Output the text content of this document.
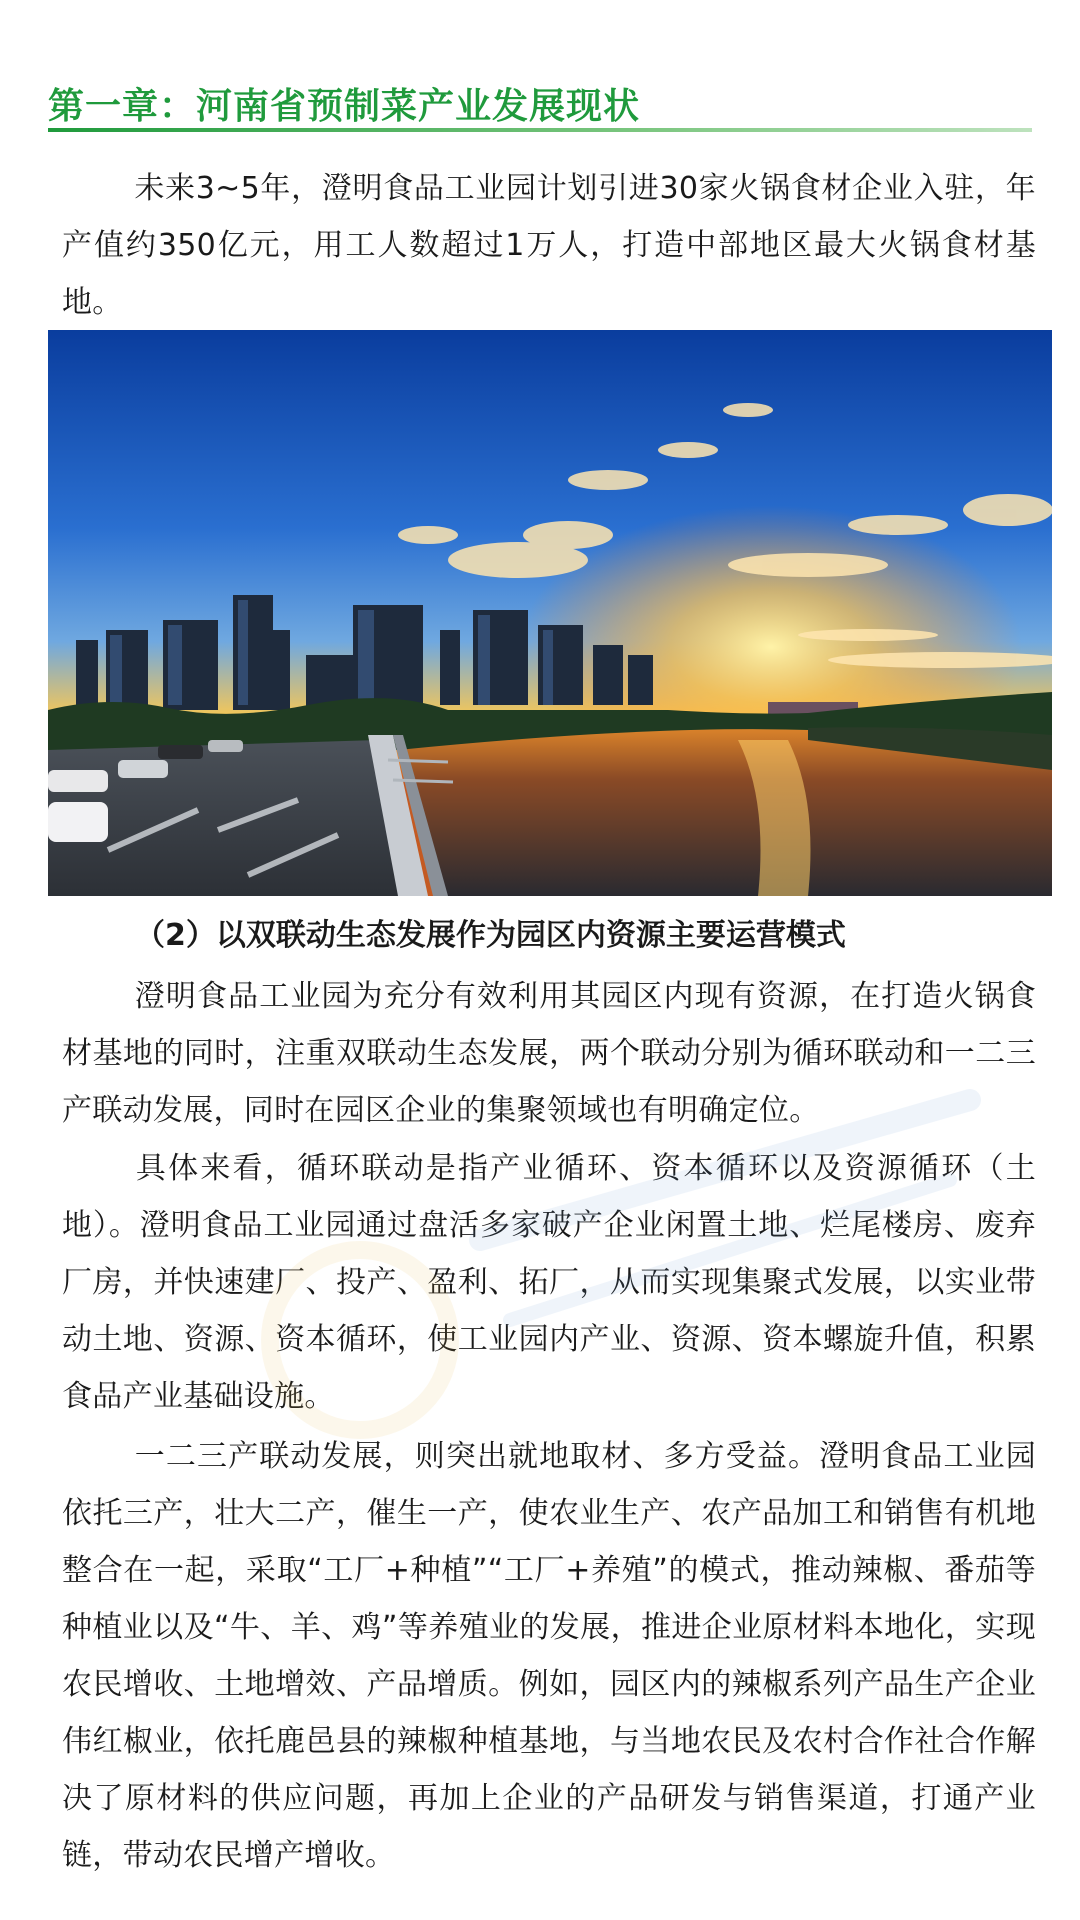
第一章：河南省预制菜产业发展现状
未来3~5年，澄明食品工业园计划引进30家火锅食材企业入驻，年产值约350亿元，用工人数超过1万人，打造中部地区最大火锅食材基地。
（2）以双联动生态发展作为园区内资源主要运营模式
澄明食品工业园为充分有效利用其园区内现有资源，在打造火锅食材基地的同时，注重双联动生态发展，两个联动分别为循环联动和一二三产联动发展，同时在园区企业的集聚领域也有明确定位。
具体来看，循环联动是指产业循环、资本循环以及资源循环（土地）。澄明食品工业园通过盘活多家破产企业闲置土地、烂尾楼房、废弃厂房，并快速建厂、投产、盈利、拓厂，从而实现集聚式发展，以实业带动土地、资源、资本循环，使工业园内产业、资源、资本螺旋升值，积累食品产业基础设施。
一二三产联动发展，则突出就地取材、多方受益。澄明食品工业园依托三产，壮大二产，催生一产，使农业生产、农产品加工和销售有机地整合在一起，采取“工厂+种植”“工厂+养殖”的模式，推动辣椒、番茄等种植业以及“牛、羊、鸡”等养殖业的发展，推进企业原材料本地化，实现农民增收、土地增效、产品增质。例如，园区内的辣椒系列产品生产企业伟红椒业，依托鹿邑县的辣椒种植基地，与当地农民及农村合作社合作解决了原材料的供应问题，再加上企业的产品研发与销售渠道，打通产业链，带动农民增产增收。
